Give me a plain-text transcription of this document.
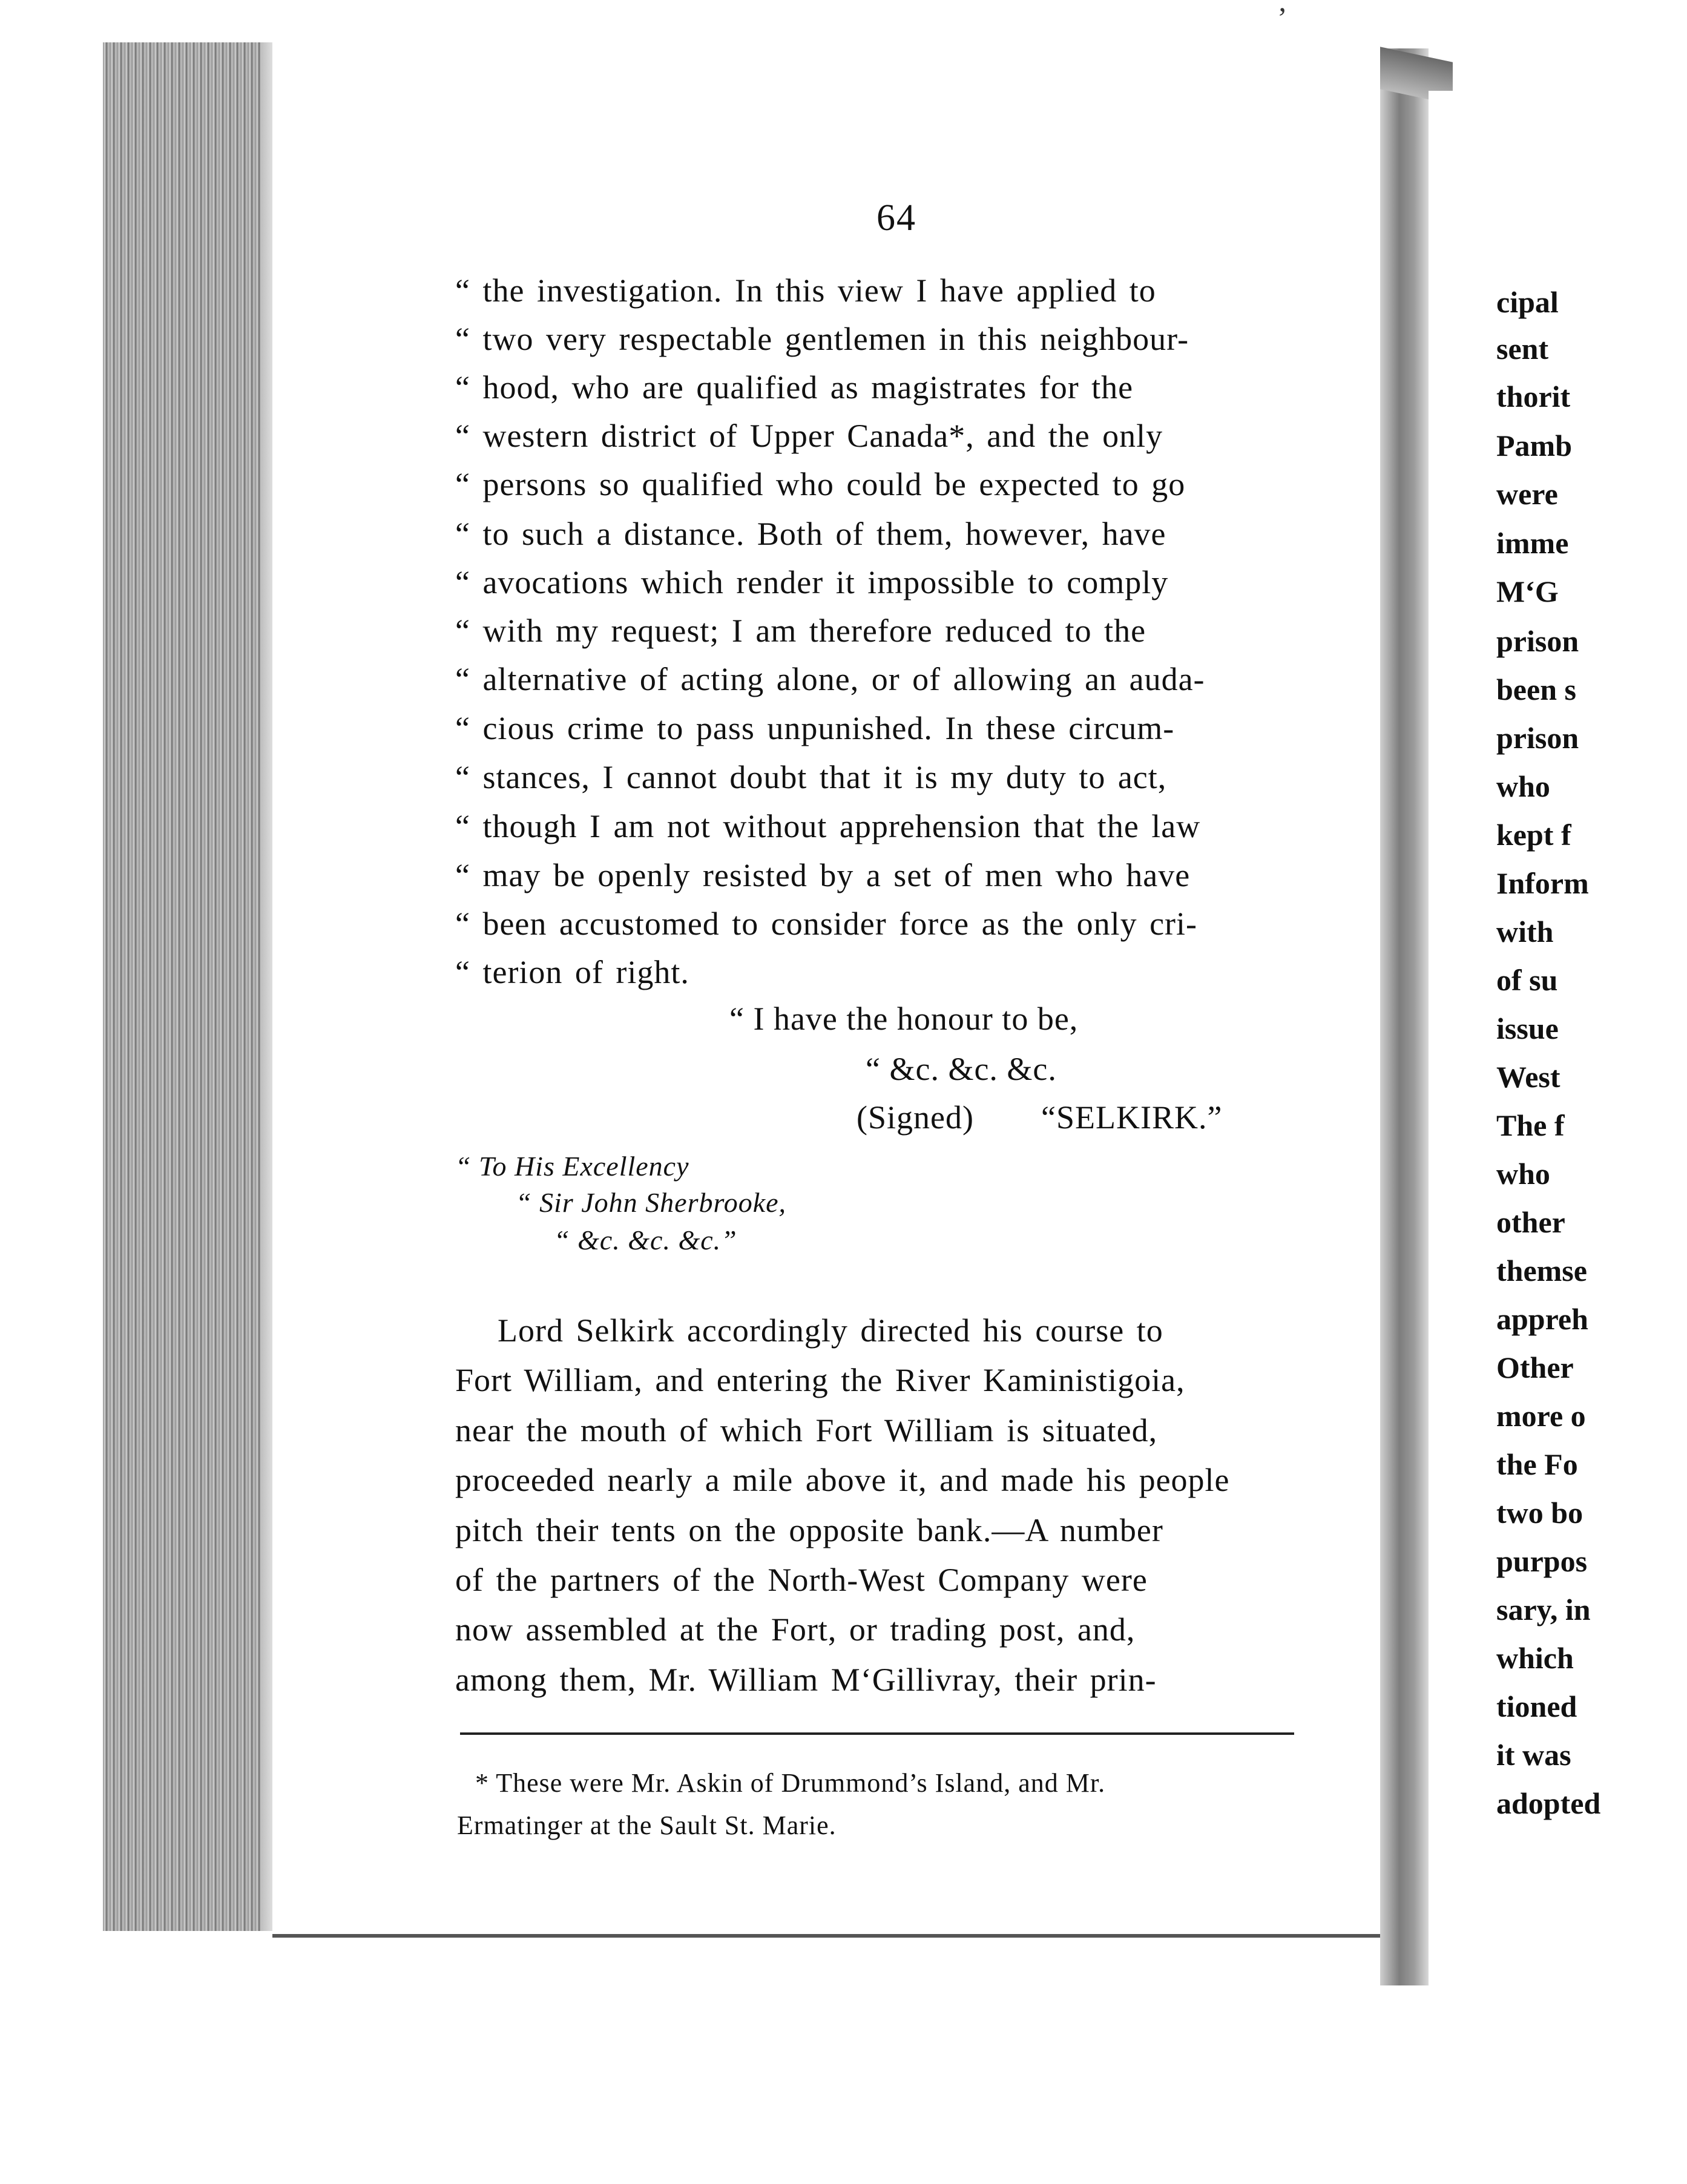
’
64
“ the investigation. In this view I have applied to
“ two very respectable gentlemen in this neighbour-
“ hood, who are qualified as magistrates for the
“ western district of Upper Canada*, and the only
“ persons so qualified who could be expected to go
“ to such a distance. Both of them, however, have
“ avocations which render it impossible to comply
“ with my request; I am therefore reduced to the
“ alternative of acting alone, or of allowing an auda-
“ cious crime to pass unpunished. In these circum-
“ stances, I cannot doubt that it is my duty to act,
“ though I am not without apprehension that the law
“ may be openly resisted by a set of men who have
“ been accustomed to consider force as the only cri-
“ terion of right.
“ I have the honour to be,
“ &c. &c. &c.
(Signed) “SELKIRK.”
“ To His Excellency
“ Sir John Sherbrooke,
“ &c. &c. &c.”
Lord Selkirk accordingly directed his course to
Fort William, and entering the River Kaministigoia,
near the mouth of which Fort William is situated,
proceeded nearly a mile above it, and made his people
pitch their tents on the opposite bank.—A number
of the partners of the North-West Company were
now assembled at the Fort, or trading post, and,
among them, Mr. William M‘Gillivray, their prin-
* These were Mr. Askin of Drummond’s Island, and Mr.
Ermatinger at the Sault St. Marie.
cipal
sent
thorit
Pamb
were
imme
M‘G
prison
been s
prison
who
kept f
Inform
with
of su
issue
West
The f
who
other
themse
appreh
Other
more o
the Fo
two bo
purpos
sary, in
which
tioned
it was
adopted
